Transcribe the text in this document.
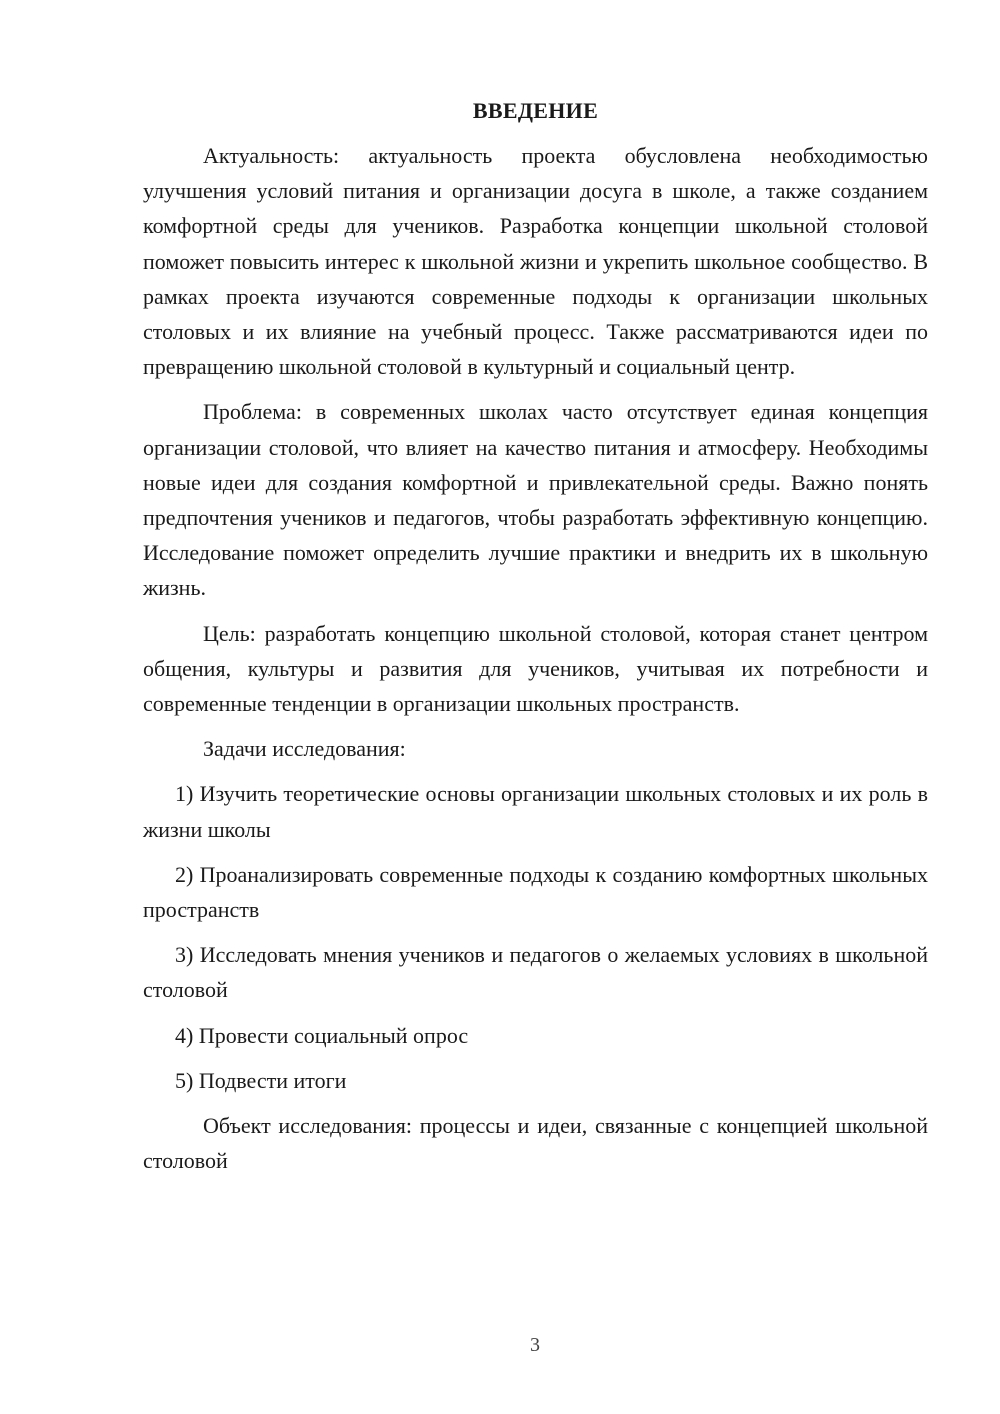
ВВЕДЕНИЕ

Актуальность: актуальность проекта обусловлена необходимостью улучшения условий питания и организации досуга в школе, а также созданием комфортной среды для учеников. Разработка концепции школьной столовой поможет повысить интерес к школьной жизни и укрепить школьное сообщество. В рамках проекта изучаются современные подходы к организации школьных столовых и их влияние на учебный процесс. Также рассматриваются идеи по превращению школьной столовой в культурный и социальный центр.

Проблема: в современных школах часто отсутствует единая концепция организации столовой, что влияет на качество питания и атмосферу. Необходимы новые идеи для создания комфортной и привлекательной среды. Важно понять предпочтения учеников и педагогов, чтобы разработать эффективную концепцию. Исследование поможет определить лучшие практики и внедрить их в школьную жизнь.

Цель: разработать концепцию школьной столовой, которая станет центром общения, культуры и развития для учеников, учитывая их потребности и современные тенденции в организации школьных пространств.

Задачи исследования:

1) Изучить теоретические основы организации школьных столовых и их роль в жизни школы

2) Проанализировать современные подходы к созданию комфортных школьных пространств

3) Исследовать мнения учеников и педагогов о желаемых условиях в школьной столовой

4) Провести социальный опрос

5) Подвести итоги

Объект исследования: процессы и идеи, связанные с концепцией школьной столовой

3
